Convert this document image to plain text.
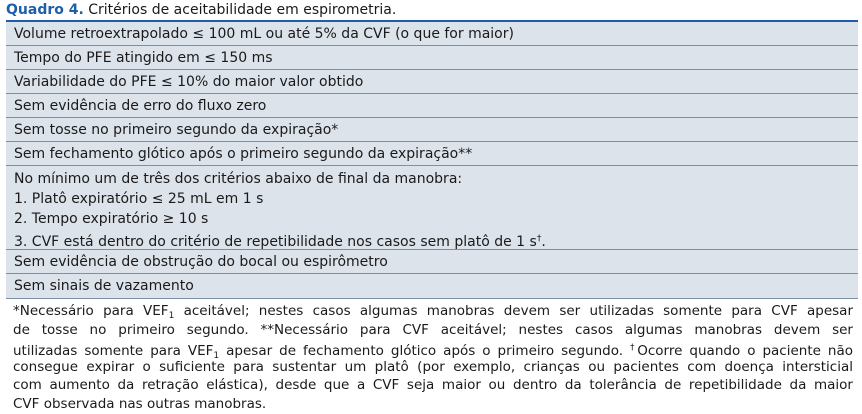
Quadro 4. Critérios de aceitabilidade em espirometria.
Volume retroextrapolado ≤ 100 mL ou até 5% da CVF (o que for maior)
Tempo do PFE atingido em ≤ 150 ms
Variabilidade do PFE ≤ 10% do maior valor obtido
Sem evidência de erro do fluxo zero
Sem tosse no primeiro segundo da expiração*
Sem fechamento glótico após o primeiro segundo da expiração**
No mínimo um de três dos critérios abaixo de final da manobra:
1. Platô expiratório ≤ 25 mL em 1 s
2. Tempo expiratório ≥ 10 s
3. CVF está dentro do critério de repetibilidade nos casos sem platô de 1 s†.
Sem evidência de obstrução do bocal ou espirômetro
Sem sinais de vazamento
*Necessário para $VEF_1$ aceitável; nestes casos algumas manobras devem ser utilizadas somente para CVF apesar
de tosse no primeiro segundo. **Necessário para CVF aceitável; nestes casos algumas manobras devem ser
utilizadas somente para $VEF_1$ apesar de fechamento glótico após o primeiro segundo. †Ocorre quando o paciente não
consegue expirar o suficiente para sustentar um platô (por exemplo, crianças ou pacientes com doença intersticial
com aumento da retração elástica), desde que a CVF seja maior ou dentro da tolerância de repetibilidade da maior
CVF observada nas outras manobras.
